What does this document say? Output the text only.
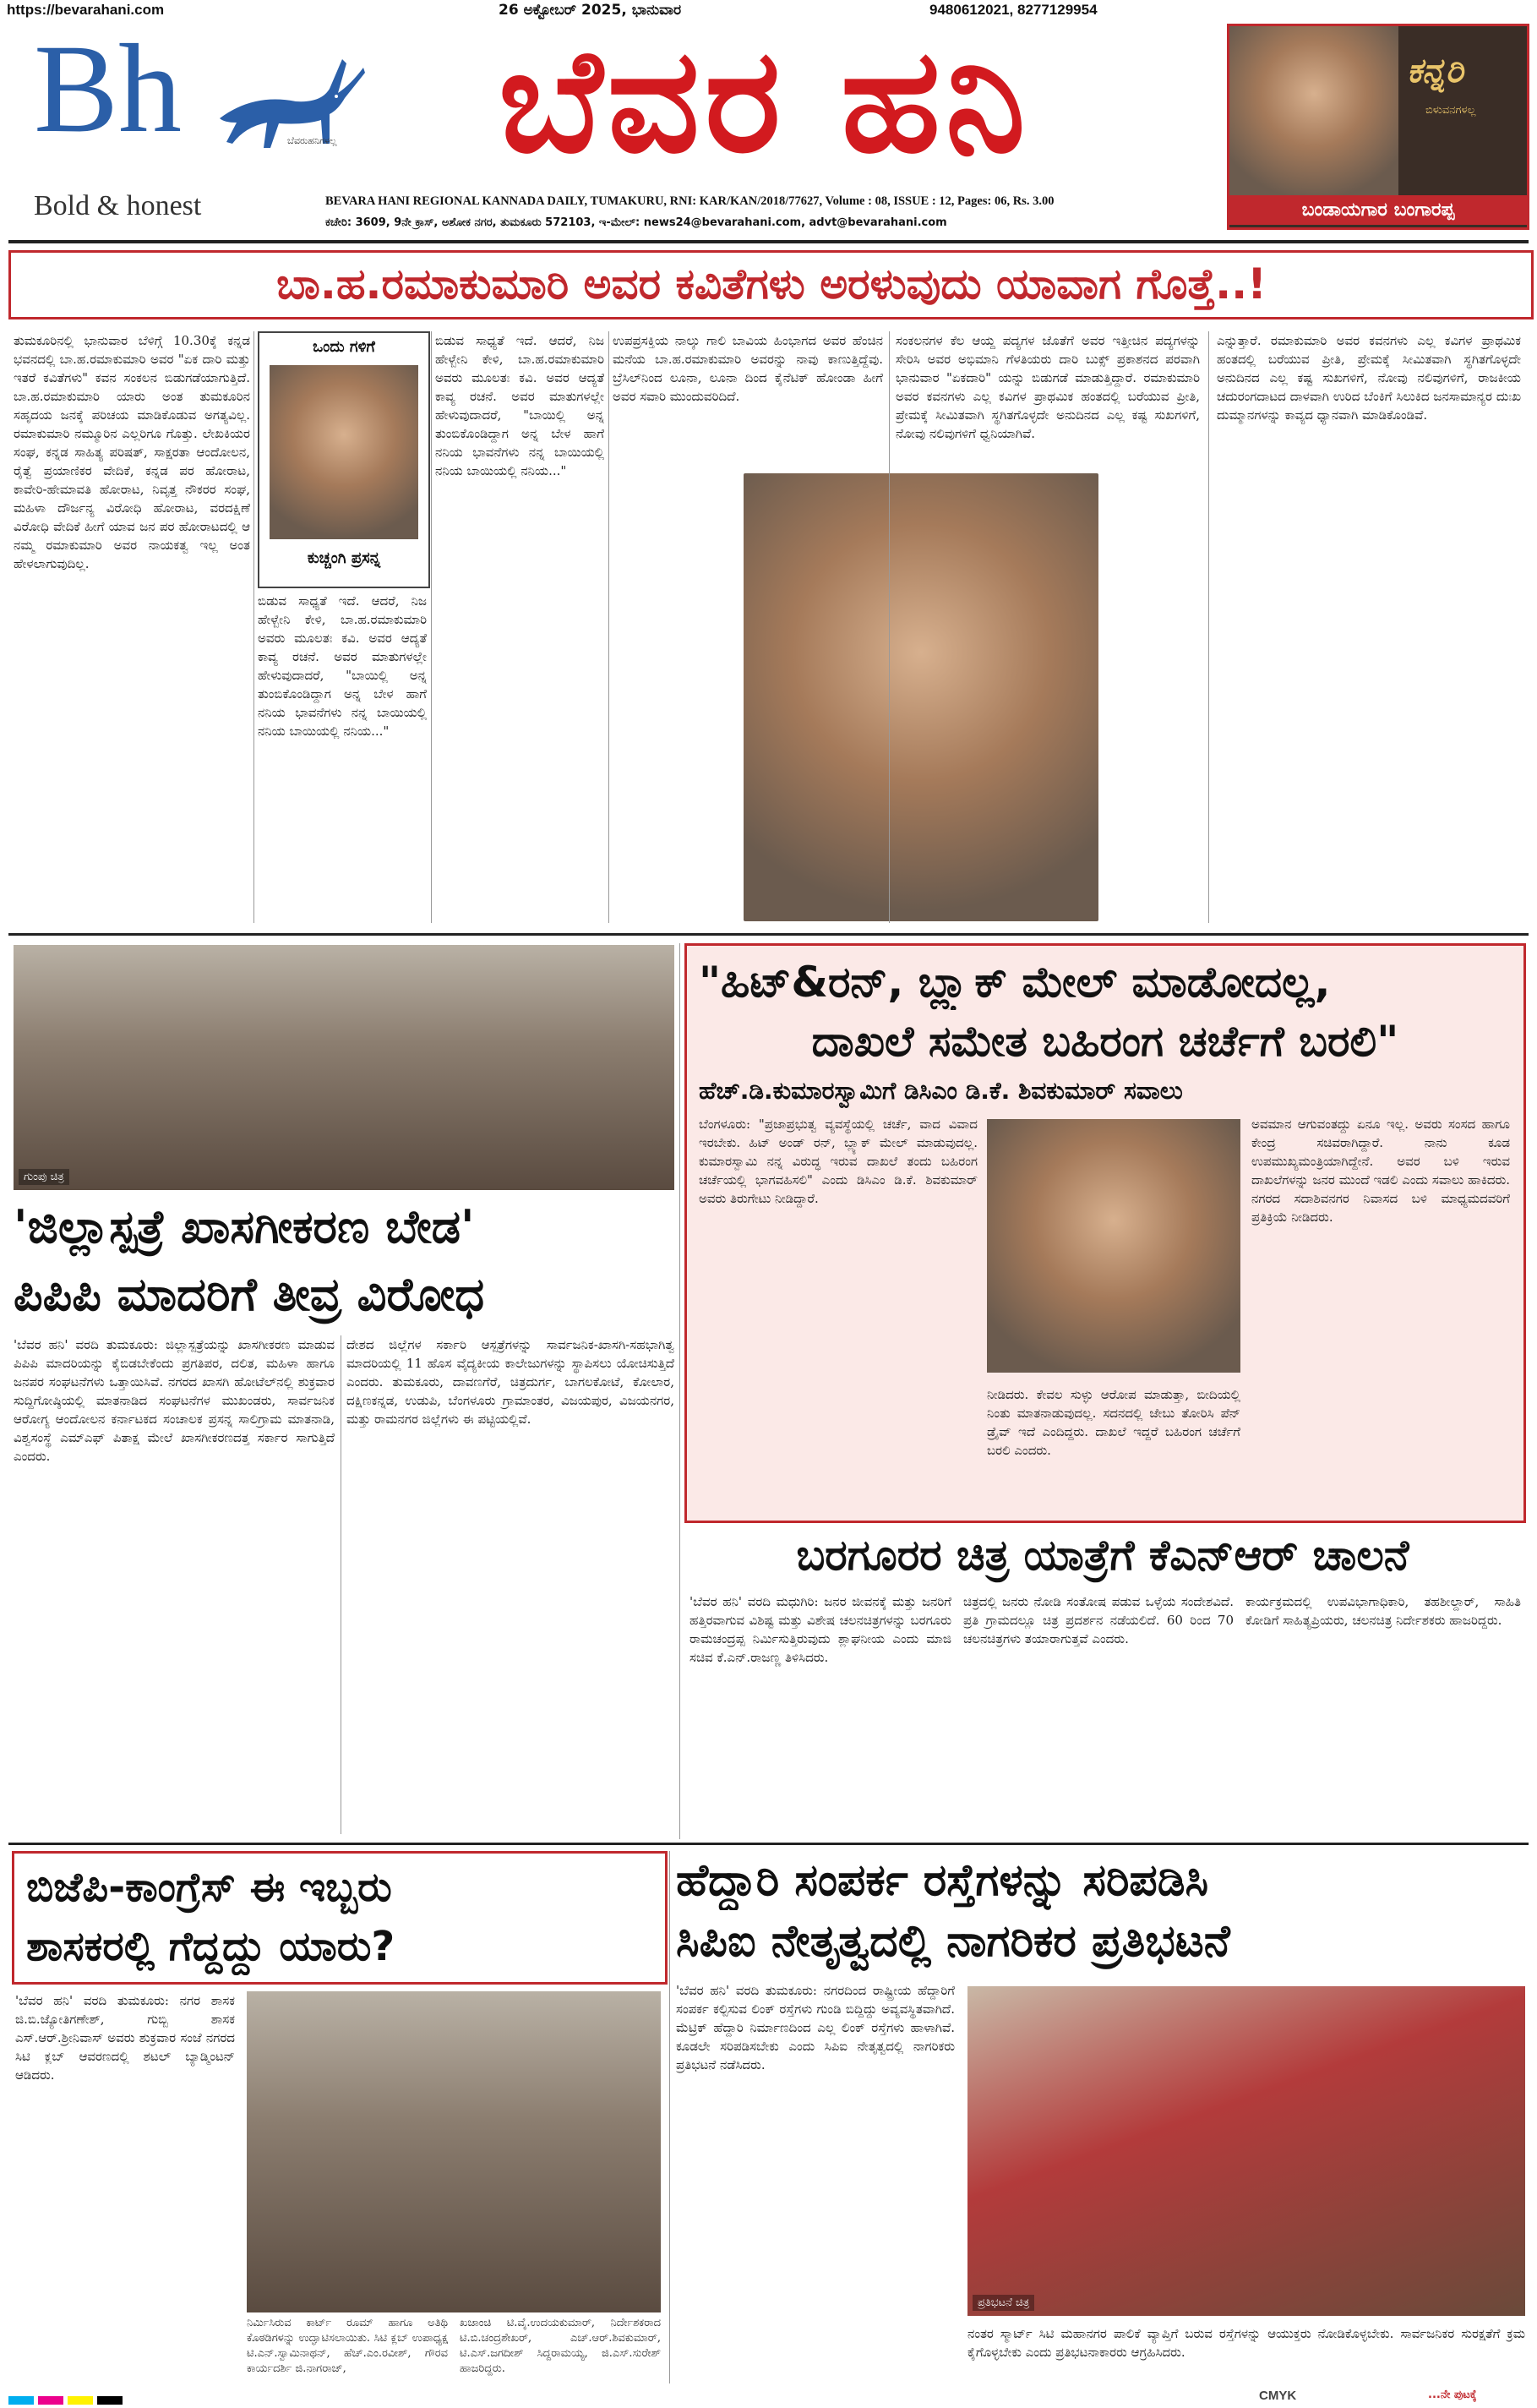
https://bevarahani.com	26 ಅಕ್ಟೋಬರ್ 2025, ಭಾನುವಾರ	9480612021, 8277129954
Bh	ಬೆವರುಹನಿಗಳಲ್ಲ
Bold & honest
ಬೆವರ ಹನಿ
BEVARA HANI REGIONAL KANNADA DAILY, TUMAKURU, RNI: KAR/KAN/2018/77627, Volume : 08, ISSUE : 12, Pages: 06, Rs. 3.00
ಕಚೇರಿ: 3609, 9ನೇ ಕ್ರಾಸ್, ಅಶೋಕ ನಗರ, ತುಮಕೂರು 572103, ಇ-ಮೇಲ್: news24@bevarahani.com, advt@bevarahani.com
ಕನ್ನರಿ
ಬಿಳುವನಗಳಲ್ಲ
ಬಂಡಾಯಗಾರ ಬಂಗಾರಪ್ಪ
ಬಾ.ಹ.ರಮಾಕುಮಾರಿ ಅವರ ಕವಿತೆಗಳು ಅರಳುವುದು ಯಾವಾಗ ಗೊತ್ತೆ..!
ಒಂದು ಗಳಿಗೆ
ಕುಚ್ಚಂಗಿ ಪ್ರಸನ್ನ
ತುಮಕೂರಿನಲ್ಲಿ ಭಾನುವಾರ ಬೆಳಿಗ್ಗೆ 10.30ಕ್ಕೆ ಕನ್ನಡ ಭವನದಲ್ಲಿ ಬಾ.ಹ.ರಮಾಕುಮಾರಿ ಅವರ "ಏಕ ದಾರಿ ಮತ್ತು ಇತರೆ ಕವಿತೆಗಳು" ಕವನ ಸಂಕಲನ ಬಿಡುಗಡೆಯಾಗುತ್ತಿದೆ. ಬಾ.ಹ.ರಮಾಕುಮಾರಿ ಯಾರು ಅಂತ ತುಮಕೂರಿನ ಸಹೃದಯ ಜನಕ್ಕೆ ಪರಿಚಯ ಮಾಡಿಕೊಡುವ ಅಗತ್ಯವಿಲ್ಲ. ರಮಾಕುಮಾರಿ ನಮ್ಮೂರಿನ ಎಲ್ಲರಿಗೂ ಗೊತ್ತು. ಲೇಖಕಿಯರ ಸಂಘ, ಕನ್ನಡ ಸಾಹಿತ್ಯ ಪರಿಷತ್, ಸಾಕ್ಷರತಾ ಆಂದೋಲನ, ರೈತ್ವೆ ಪ್ರಯಾಣಿಕರ ವೇದಿಕೆ, ಕನ್ನಡ ಪರ ಹೋರಾಟ, ಕಾವೇರಿ-ಹೇಮಾವತಿ ಹೋರಾಟ, ನಿವೃತ್ತ ನೌಕರರ ಸಂಘ, ಮಹಿಳಾ ದೌರ್ಜನ್ಯ ವಿರೋಧಿ ಹೋರಾಟ, ವರದಕ್ಷಿಣೆ ವಿರೋಧಿ ವೇದಿಕೆ ಹೀಗೆ ಯಾವ ಜನ ಪರ ಹೋರಾಟದಲ್ಲಿ ಆ ನಮ್ಮ ರಮಾಕುಮಾರಿ ಅವರ ನಾಯಕತ್ವ ಇಲ್ಲ ಅಂತ ಹೇಳಲಾಗುವುದಿಲ್ಲ.
ಬಿಡುವ ಸಾಧ್ಯತೆ ಇದೆ. ಆದರೆ, ನಿಜ ಹೇಳ್ಬೇನಿ ಕೇಳಿ, ಬಾ.ಹ.ರಮಾಕುಮಾರಿ ಅವರು ಮೂಲತಃ ಕವಿ. ಅವರ ಆದ್ಯತೆ ಕಾವ್ಯ ರಚನೆ. ಅವರ ಮಾತುಗಳಲ್ಲೇ ಹೇಳುವುದಾದರೆ, "ಬಾಯಿಲ್ಲಿ ಅನ್ನ ತುಂಬಿಕೊಂಡಿದ್ದಾಗ ಅನ್ನ ಬೇಳ ಹಾಗೆ ನನಿಯ ಭಾವನೆಗಳು ನನ್ನ ಬಾಯಿಯಲ್ಲಿ ನನಿಯ ಬಾಯಿಯಲ್ಲಿ ನನಿಯ..."
ಬಿಡುವ ಸಾಧ್ಯತೆ ಇದೆ. ಆದರೆ, ನಿಜ ಹೇಳ್ಬೇನಿ ಕೇಳಿ, ಬಾ.ಹ.ರಮಾಕುಮಾರಿ ಅವರು ಮೂಲತಃ ಕವಿ. ಅವರ ಆದ್ಯತೆ ಕಾವ್ಯ ರಚನೆ. ಅವರ ಮಾತುಗಳಲ್ಲೇ ಹೇಳುವುದಾದರೆ, "ಬಾಯಿಲ್ಲಿ ಅನ್ನ ತುಂಬಿಕೊಂಡಿದ್ದಾಗ ಅನ್ನ ಬೇಳ ಹಾಗೆ ನನಿಯ ಭಾವನೆಗಳು ನನ್ನ ಬಾಯಿಯಲ್ಲಿ ನನಿಯ ಬಾಯಿಯಲ್ಲಿ ನನಿಯ..."
ಉಪಪ್ರಸಕ್ತಿಯ ನಾಲ್ಕು ಗಾಲಿ ಬಾವಿಯ ಹಿಂಭಾಗದ ಅವರ ಹೆಂಚಿನ ಮನೆಯ ಬಾ.ಹ.ರಮಾಕುಮಾರಿ ಅವರನ್ನು ನಾವು ಕಾಣುತ್ತಿದ್ದೆವು. ಬ್ರೆಸಿಲ್‌ನಿಂದ ಲೂನಾ, ಲೂನಾ ದಿಂದ ಕೈನೆಟಿಕ್ ಹೋಂಡಾ ಹೀಗೆ ಅವರ ಸವಾರಿ ಮುಂದುವರಿದಿದೆ.
ಸಂಕಲನಗಳ ಕೆಲ ಆಯ್ದ ಪದ್ಯಗಳ ಜೊತೆಗೆ ಅವರ ಇತ್ತೀಚಿನ ಪದ್ಯಗಳನ್ನು ಸೇರಿಸಿ ಅವರ ಅಭಿಮಾನಿ ಗೆಳತಿಯರು ದಾರಿ ಬುಕ್ಸ್ ಪ್ರಕಾಶನದ ಪರವಾಗಿ ಭಾನುವಾರ "ಏಕದಾರಿ" ಯನ್ನು ಬಿಡುಗಡೆ ಮಾಡುತ್ತಿದ್ದಾರೆ. ರಮಾಕುಮಾರಿ ಅವರ ಕವನಗಳು ಎಲ್ಲ ಕವಿಗಳ ಪ್ರಾಥಮಿಕ ಹಂತದಲ್ಲಿ ಬರೆಯುವ ಪ್ರೀತಿ, ಪ್ರೇಮಕ್ಕೆ ಸೀಮಿತವಾಗಿ ಸ್ಥಗಿತಗೊಳ್ಳದೇ ಅನುದಿನದ ಎಲ್ಲ ಕಷ್ಟ ಸುಖಗಳಿಗೆ, ನೋವು ನಲಿವುಗಳಿಗೆ ಧ್ವನಿಯಾಗಿವೆ.
ಎನ್ನುತ್ತಾರೆ. ರಮಾಕುಮಾರಿ ಅವರ ಕವನಗಳು ಎಲ್ಲ ಕವಿಗಳ ಪ್ರಾಥಮಿಕ ಹಂತದಲ್ಲಿ ಬರೆಯುವ ಪ್ರೀತಿ, ಪ್ರೇಮಕ್ಕೆ ಸೀಮಿತವಾಗಿ ಸ್ಥಗಿತಗೊಳ್ಳದೇ ಅನುದಿನದ ಎಲ್ಲ ಕಷ್ಟ ಸುಖಗಳಿಗೆ, ನೋವು ನಲಿವುಗಳಿಗೆ, ರಾಜಕೀಯ ಚದುರಂಗದಾಟದ ದಾಳವಾಗಿ ಉರಿದ ಬೆಂಕಿಗೆ ಸಿಲುಕಿದ ಜನಸಾಮಾನ್ಯರ ದುಃಖ ದುಮ್ಮಾನಗಳನ್ನು ಕಾವ್ಯದ ಧ್ಯಾನವಾಗಿ ಮಾಡಿಕೊಂಡಿವೆ.
ಗುಂಪು ಚಿತ್ರ
'ಜಿಲ್ಲಾಸ್ಪತ್ರೆ ಖಾಸಗೀಕರಣ ಬೇಡ'
ಪಿಪಿಪಿ ಮಾದರಿಗೆ ತೀವ್ರ ವಿರೋಧ
'ಬೆವರ ಹನಿ' ವರದಿ ತುಮಕೂರು: ಜಿಲ್ಲಾಸ್ಪತ್ರೆಯನ್ನು ಖಾಸಗೀಕರಣ ಮಾಡುವ ಪಿಪಿಪಿ ಮಾದರಿಯನ್ನು ಕೈಬಿಡಬೇಕೆಂದು ಪ್ರಗತಿಪರ, ದಲಿತ, ಮಹಿಳಾ ಹಾಗೂ ಜನಪರ ಸಂಘಟನೆಗಳು ಒತ್ತಾಯಿಸಿವೆ. ನಗರದ ಖಾಸಗಿ ಹೋಟೆಲ್‌ನಲ್ಲಿ ಶುಕ್ರವಾರ ಸುದ್ದಿಗೋಷ್ಠಿಯಲ್ಲಿ ಮಾತನಾಡಿದ ಸಂಘಟನೆಗಳ ಮುಖಂಡರು, ಸಾರ್ವಜನಿಕ ಆರೋಗ್ಯ ಆಂದೋಲನ ಕರ್ನಾಟಕದ ಸಂಚಾಲಕ ಪ್ರಸನ್ನ ಸಾಲಿಗ್ರಾಮ ಮಾತನಾಡಿ, ವಿಶ್ವಸಂಸ್ಥೆ ಎಮ್‌ಎಫ್ ಪಿತಾಕ್ಷ ಮೇಲೆ ಖಾಸಗೀಕರಣದತ್ತ ಸರ್ಕಾರ ಸಾಗುತ್ತಿದೆ ಎಂದರು.
ದೇಶದ ಜಿಲ್ಲೆಗಳ ಸರ್ಕಾರಿ ಆಸ್ಪತ್ರೆಗಳನ್ನು ಸಾರ್ವಜನಿಕ-ಖಾಸಗಿ-ಸಹಭಾಗಿತ್ವ ಮಾದರಿಯಲ್ಲಿ 11 ಹೊಸ ವೈದ್ಯಕೀಯ ಕಾಲೇಜುಗಳನ್ನು ಸ್ಥಾಪಿಸಲು ಯೋಚಿಸುತ್ತಿದೆ ಎಂದರು. ತುಮಕೂರು, ದಾವಣಗೆರೆ, ಚಿತ್ರದುರ್ಗ, ಬಾಗಲಕೋಟೆ, ಕೋಲಾರ, ದಕ್ಷಿಣಕನ್ನಡ, ಉಡುಪಿ, ಬೆಂಗಳೂರು ಗ್ರಾಮಾಂತರ, ವಿಜಯಪುರ, ವಿಜಯನಗರ, ಮತ್ತು ರಾಮನಗರ ಜಿಲ್ಲೆಗಳು ಈ ಪಟ್ಟಿಯಲ್ಲಿವೆ.
"ಹಿಟ್&ರನ್, ಬ್ಲ್ಯಾಕ್ ಮೇಲ್ ಮಾಡೋದಲ್ಲ,
ದಾಖಲೆ ಸಮೇತ ಬಹಿರಂಗ ಚರ್ಚೆಗೆ ಬರಲಿ"
ಹೆಚ್.ಡಿ.ಕುಮಾರಸ್ವಾಮಿಗೆ ಡಿಸಿಎಂ ಡಿ.ಕೆ. ಶಿವಕುಮಾರ್ ಸವಾಲು
ಬೆಂಗಳೂರು: "ಪ್ರಜಾಪ್ರಭುತ್ವ ವ್ಯವಸ್ಥೆಯಲ್ಲಿ ಚರ್ಚೆ, ವಾದ ವಿವಾದ ಇರಬೇಕು. ಹಿಟ್ ಅಂಡ್ ರನ್, ಬ್ಲ್ಯಾಕ್ ಮೇಲ್ ಮಾಡುವುದಲ್ಲ. ಕುಮಾರಸ್ವಾಮಿ ನನ್ನ ವಿರುದ್ಧ ಇರುವ ದಾಖಲೆ ತಂದು ಬಹಿರಂಗ ಚರ್ಚೆಯಲ್ಲಿ ಭಾಗವಹಿಸಲಿ" ಎಂದು ಡಿಸಿಎಂ ಡಿ.ಕೆ. ಶಿವಕುಮಾರ್ ಅವರು ತಿರುಗೇಟು ನೀಡಿದ್ದಾರೆ.
ನೀಡಿದರು. ಕೇವಲ ಸುಳ್ಳು ಆರೋಪ ಮಾಡುತ್ತಾ, ಬೀದಿಯಲ್ಲಿ ನಿಂತು ಮಾತನಾಡುವುದಲ್ಲ. ಸದನದಲ್ಲಿ ಜೇಬು ತೋರಿಸಿ ಪೆನ್ ಡ್ರೈವ್ ಇದೆ ಎಂದಿದ್ದರು. ದಾಖಲೆ ಇದ್ದರೆ ಬಹಿರಂಗ ಚರ್ಚೆಗೆ ಬರಲಿ ಎಂದರು.
ಅವಮಾನ ಆಗುವಂತದ್ದು ಏನೂ ಇಲ್ಲ. ಅವರು ಸಂಸದ ಹಾಗೂ ಕೇಂದ್ರ ಸಚಿವರಾಗಿದ್ದಾರೆ. ನಾನು ಕೂಡ ಉಪಮುಖ್ಯಮಂತ್ರಿಯಾಗಿದ್ದೇನೆ. ಅವರ ಬಳಿ ಇರುವ ದಾಖಲೆಗಳನ್ನು ಜನರ ಮುಂದೆ ಇಡಲಿ ಎಂದು ಸವಾಲು ಹಾಕಿದರು. ನಗರದ ಸದಾಶಿವನಗರ ನಿವಾಸದ ಬಳಿ ಮಾಧ್ಯಮದವರಿಗೆ ಪ್ರತಿಕ್ರಿಯೆ ನೀಡಿದರು.
ಬರಗೂರರ ಚಿತ್ರ ಯಾತ್ರೆಗೆ ಕೆಎನ್ಆರ್ ಚಾಲನೆ
'ಬೆವರ ಹನಿ' ವರದಿ ಮಧುಗಿರಿ: ಜನರ ಜೀವನಕ್ಕೆ ಮತ್ತು ಜನರಿಗೆ ಹತ್ತಿರವಾಗುವ ವಿಶಿಷ್ಟ ಮತ್ತು ವಿಶೇಷ ಚಲನಚಿತ್ರಗಳನ್ನು ಬರಗೂರು ರಾಮಚಂದ್ರಪ್ಪ ನಿರ್ಮಿಸುತ್ತಿರುವುದು ಶ್ಲಾಘನೀಯ ಎಂದು ಮಾಜಿ ಸಚಿವ ಕೆ.ಎನ್.ರಾಜಣ್ಣ ತಿಳಿಸಿದರು.
ಚಿತ್ರದಲ್ಲಿ ಜನರು ನೋಡಿ ಸಂತೋಷ ಪಡುವ ಒಳ್ಳೆಯ ಸಂದೇಶವಿದೆ. ಪ್ರತಿ ಗ್ರಾಮದಲ್ಲೂ ಚಿತ್ರ ಪ್ರದರ್ಶನ ನಡೆಯಲಿದೆ. 60 ರಿಂದ 70 ಚಲನಚಿತ್ರಗಳು ತಯಾರಾಗುತ್ತವೆ ಎಂದರು.
ಕಾರ್ಯಕ್ರಮದಲ್ಲಿ ಉಪವಿಭಾಗಾಧಿಕಾರಿ, ತಹಶೀಲ್ದಾರ್, ಸಾಹಿತಿ ಕೋಡಿಗೆ ಸಾಹಿತ್ಯಪ್ರಿಯರು, ಚಲನಚಿತ್ರ ನಿರ್ದೇಶಕರು ಹಾಜರಿದ್ದರು.
ಬಿಜೆಪಿ-ಕಾಂಗ್ರೆಸ್ ಈ ಇಬ್ಬರು
ಶಾಸಕರಲ್ಲಿ ಗೆದ್ದದ್ದು ಯಾರು?
'ಬೆವರ ಹನಿ' ವರದಿ ತುಮಕೂರು: ನಗರ ಶಾಸಕ ಜಿ.ಬಿ.ಜ್ಯೋತಿಗಣೇಶ್, ಗುಬ್ಬಿ ಶಾಸಕ ಎಸ್.ಆರ್.ಶ್ರೀನಿವಾಸ್ ಅವರು ಶುಕ್ರವಾರ ಸಂಜೆ ನಗರದ ಸಿಟಿ ಕ್ಲಬ್ ಆವರಣದಲ್ಲಿ ಶಟಲ್ ಬ್ಯಾಡ್ಮಿಂಟನ್ ಆಡಿದರು.
ನಿರ್ಮಿಸಿರುವ ಕಾರ್ಟ್ ರೂಮ್ ಹಾಗೂ ಅತಿಥಿ ಕೊಠಡಿಗಳನ್ನು ಉದ್ಘಾಟಿಸಲಾಯಿತು. ಸಿಟಿ ಕ್ಲಬ್ ಉಪಾಧ್ಯಕ್ಷ ಟಿ.ಎನ್.ಸ್ವಾಮಿನಾಥನ್, ಹೆಚ್.ಎಂ.ರವೀಶ್, ಗೌರವ ಕಾರ್ಯದರ್ಶಿ ಜಿ.ನಾಗರಾಜ್,
ಖಜಾಂಚಿ ಟಿ.ವೈ.ಉದಯಕುಮಾರ್, ನಿರ್ದೇಶಕರಾದ ಟಿ.ಬಿ.ಚಂದ್ರಶೇಖರ್, ಎಚ್.ಆರ್.ಶಿವಕುಮಾರ್, ಟಿ.ಎಸ್.ಜಗದೀಶ್ ಸಿದ್ದರಾಮಯ್ಯ, ಜಿ.ಎಸ್.ಸುರೇಶ್ ಹಾಜರಿದ್ದರು.
ಹೆದ್ದಾರಿ ಸಂಪರ್ಕ ರಸ್ತೆಗಳನ್ನು ಸರಿಪಡಿಸಿ
ಸಿಪಿಐ ನೇತೃತ್ವದಲ್ಲಿ ನಾಗರಿಕರ ಪ್ರತಿಭಟನೆ
'ಬೆವರ ಹನಿ' ವರದಿ ತುಮಕೂರು: ನಗರದಿಂದ ರಾಷ್ಟ್ರೀಯ ಹೆದ್ದಾರಿಗೆ ಸಂಪರ್ಕ ಕಲ್ಪಿಸುವ ಲಿಂಕ್ ರಸ್ತೆಗಳು ಗುಂಡಿ ಬಿದ್ದಿದ್ದು ಅವ್ಯವಸ್ಥಿತವಾಗಿದೆ. ಮೆಟ್ರಿಕ್ ಹೆದ್ದಾರಿ ನಿರ್ಮಾಣದಿಂದ ಎಲ್ಲ ಲಿಂಕ್ ರಸ್ತೆಗಳು ಹಾಳಾಗಿವೆ. ಕೂಡಲೇ ಸರಿಪಡಿಸಬೇಕು ಎಂದು ಸಿಪಿಐ ನೇತೃತ್ವದಲ್ಲಿ ನಾಗರಿಕರು ಪ್ರತಿಭಟನೆ ನಡೆಸಿದರು.
ಪ್ರತಿಭಟನೆ ಚಿತ್ರ
ನಂತರ ಸ್ಮಾರ್ಟ್ ಸಿಟಿ ಮಹಾನಗರ ಪಾಲಿಕೆ ವ್ಯಾಪ್ತಿಗೆ ಬರುವ ರಸ್ತೆಗಳನ್ನು ಆಯುಕ್ತರು ನೋಡಿಕೊಳ್ಳಬೇಕು. ಸಾರ್ವಜನಿಕರ ಸುರಕ್ಷತೆಗೆ ಕ್ರಮ ಕೈಗೊಳ್ಳಬೇಕು ಎಂದು ಪ್ರತಿಭಟನಾಕಾರರು ಆಗ್ರಹಿಸಿದರು.

CMYK	...ನೇ ಪುಟಕ್ಕೆ
